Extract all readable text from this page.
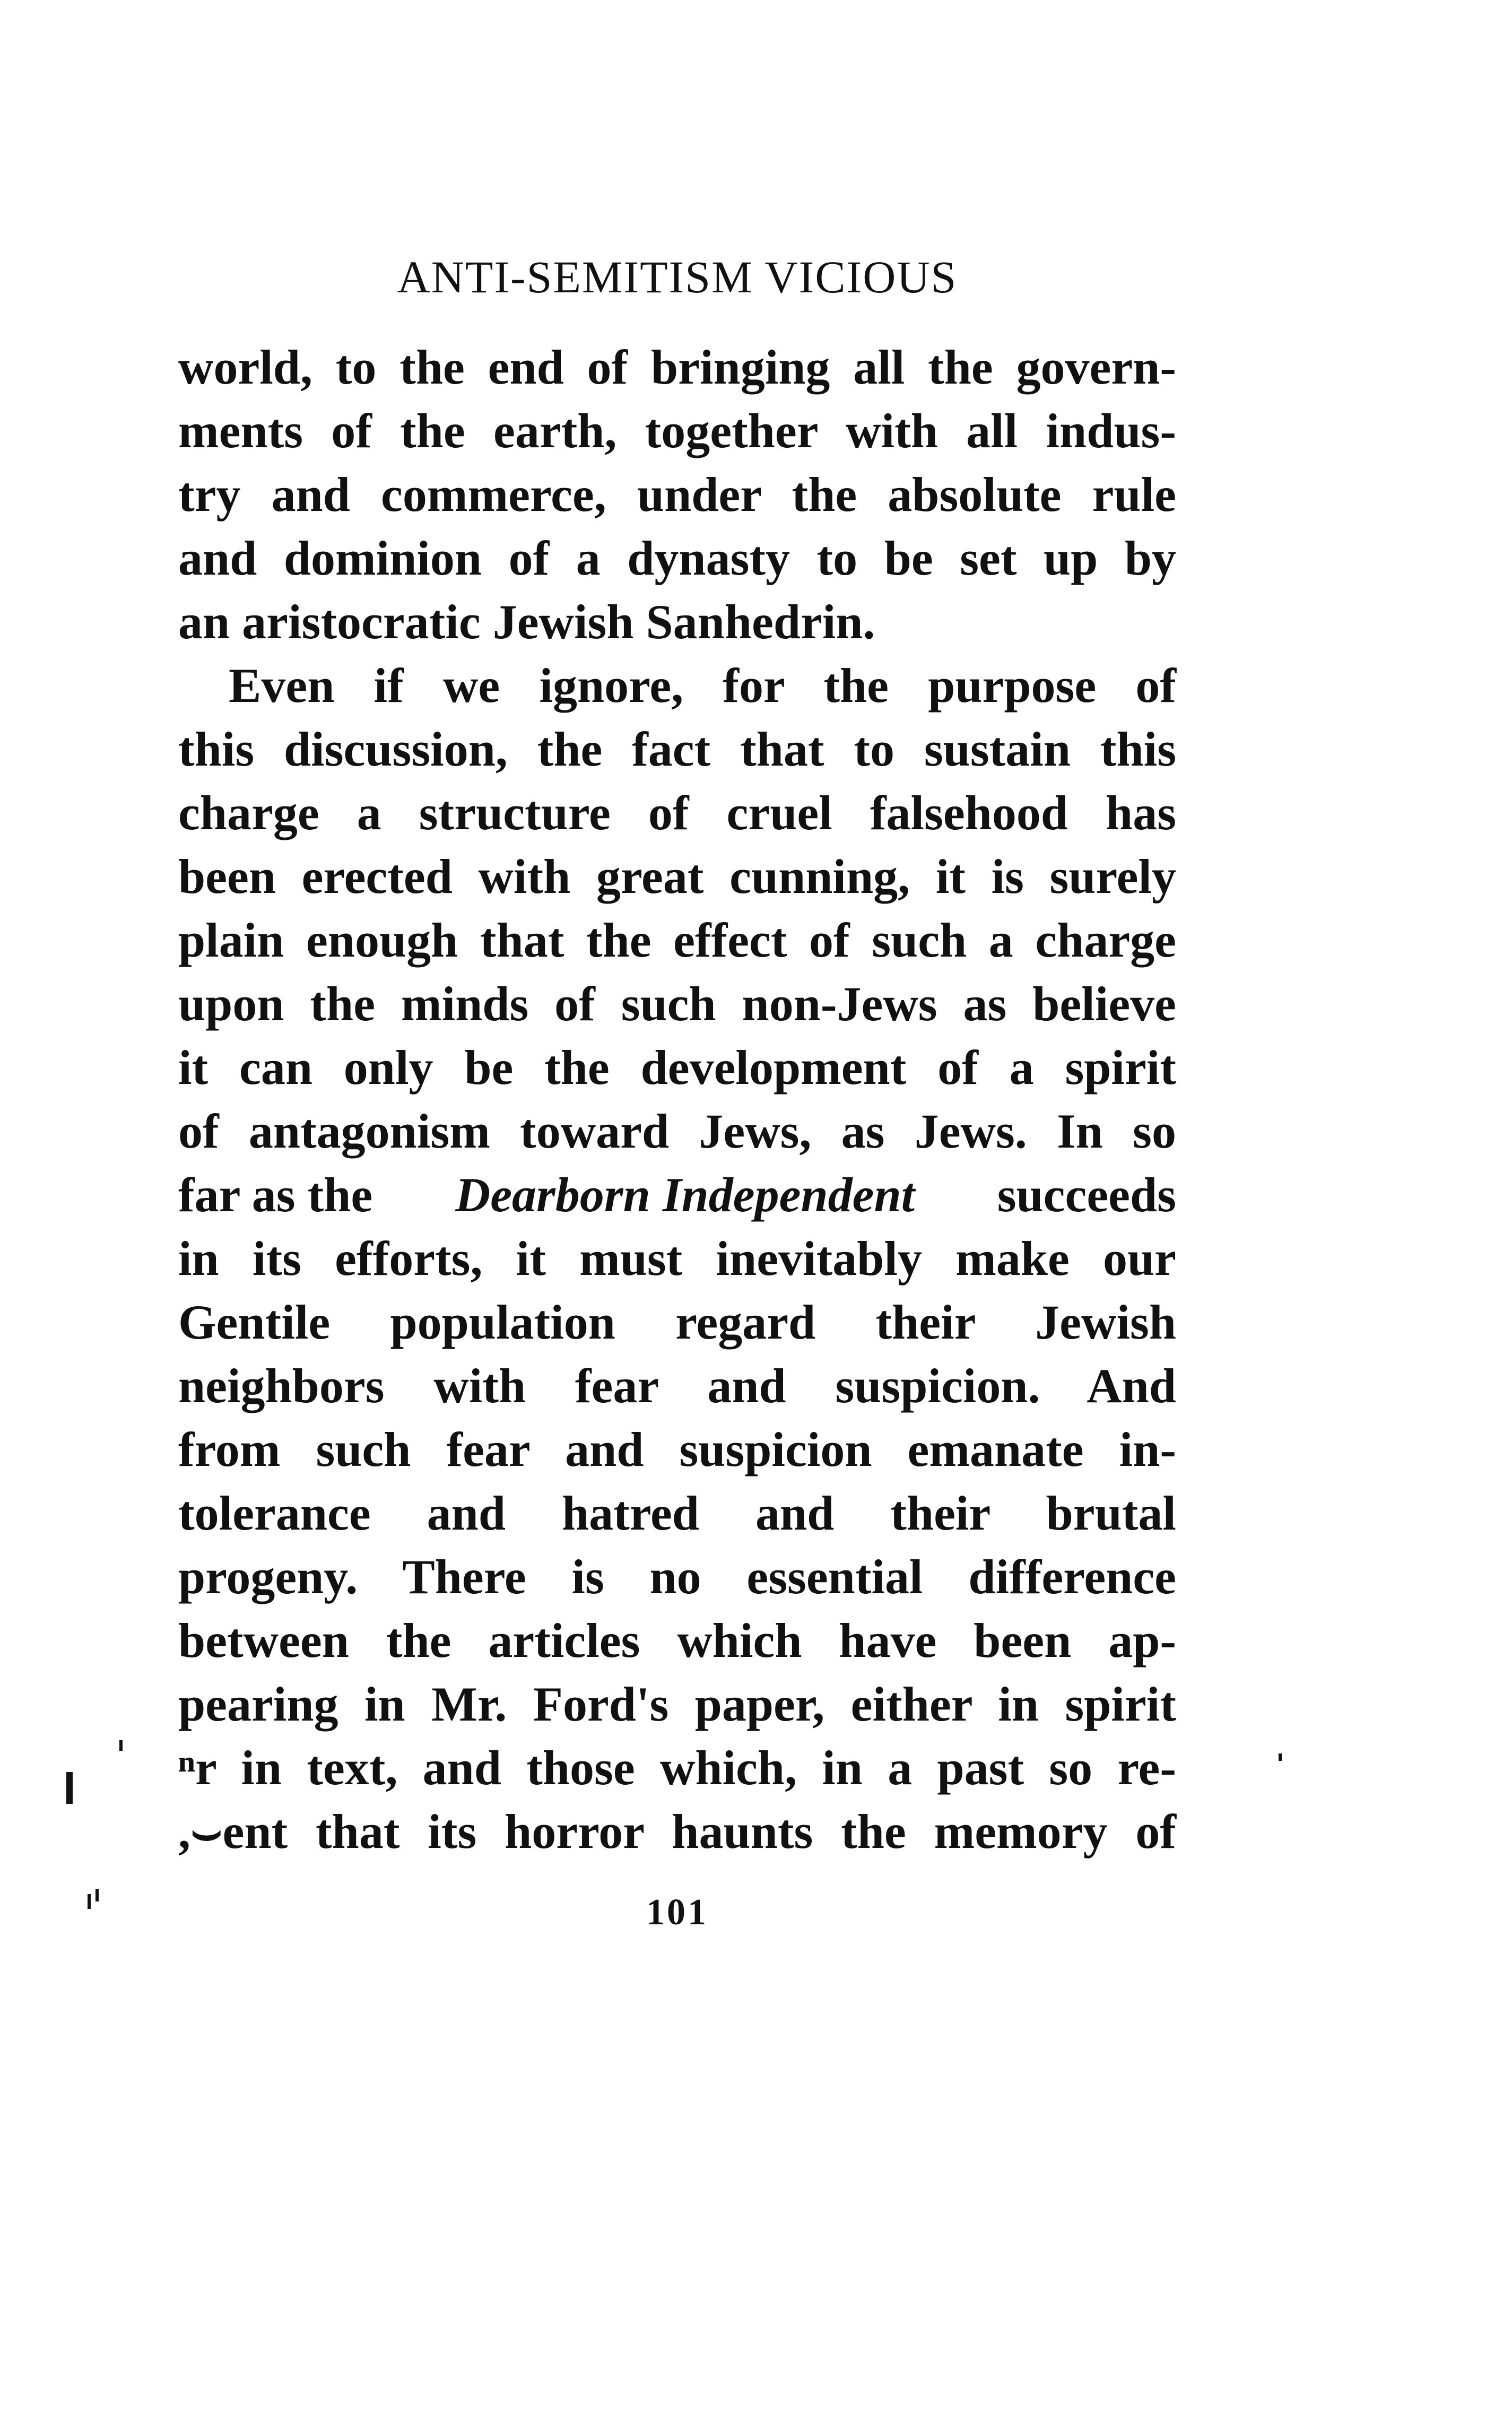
ANTI-SEMITISM VICIOUS
world, to the end of bringing all the govern-
ments of the earth, together with all indus-
try and commerce, under the absolute rule
and dominion of a dynasty to be set up by
an aristocratic Jewish Sanhedrin.
Even if we ignore, for the purpose of
this discussion, the fact that to sustain this
charge a structure of cruel falsehood has
been erected with great cunning, it is surely
plain enough that the effect of such a charge
upon the minds of such non-Jews as believe
it can only be the development of a spirit
of antagonism toward Jews, as Jews. In so
far as the Dearborn Independent succeeds
in its efforts, it must inevitably make our
Gentile population regard their Jewish
neighbors with fear and suspicion. And
from such fear and suspicion emanate in-
tolerance and hatred and their brutal
progeny. There is no essential difference
between the articles which have been ap-
pearing in Mr. Ford's paper, either in spirit
ⁿr in text, and those which, in a past so re-
,⌣ent that its horror haunts the memory of
101
